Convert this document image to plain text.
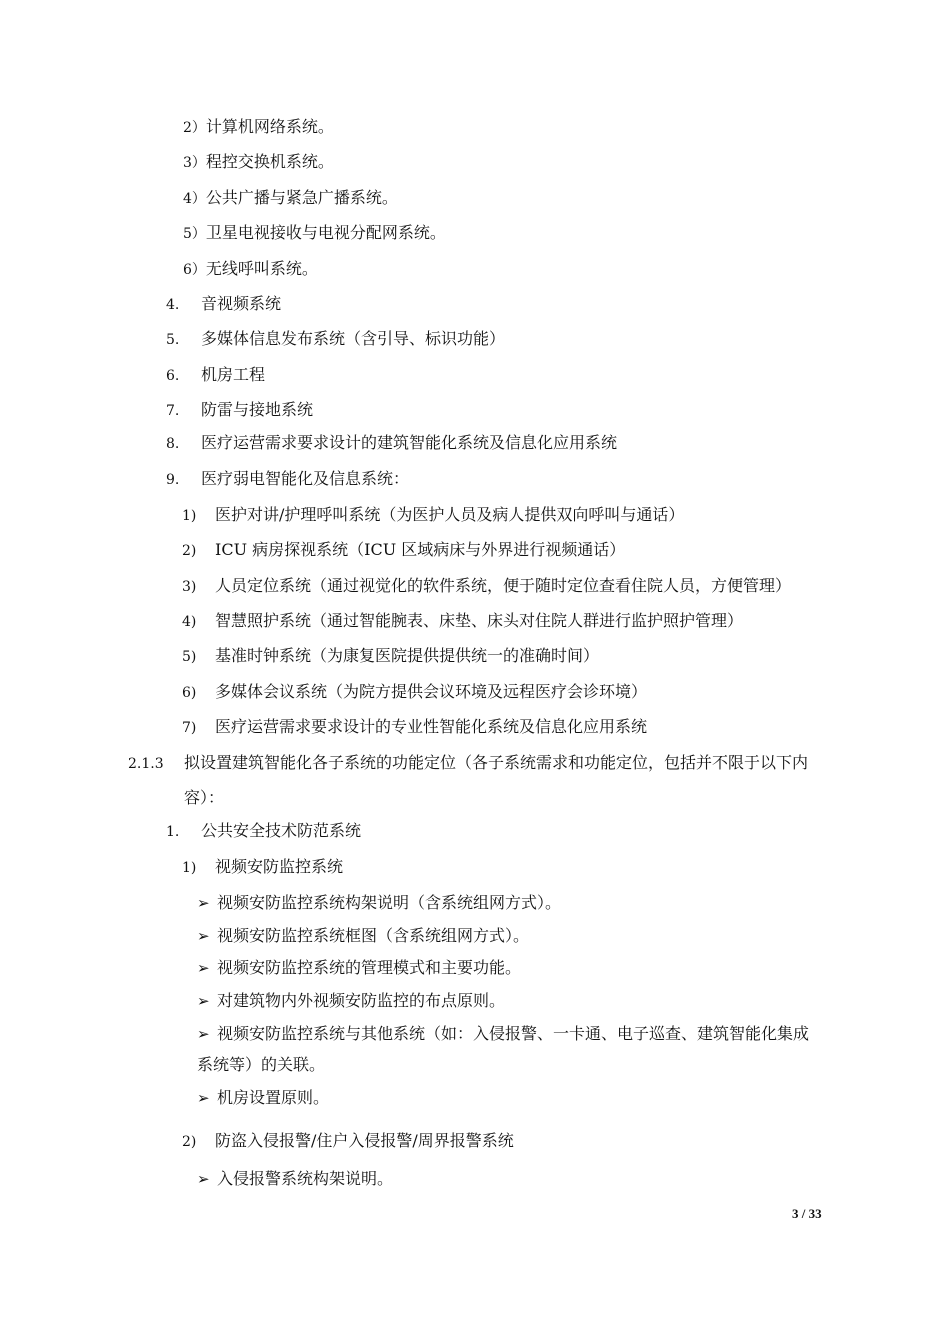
2）计算机网络系统。
3）程控交换机系统。
4）公共广播与紧急广播系统。
5）卫星电视接收与电视分配网系统。
6）无线呼叫系统。
4. 音视频系统
5. 多媒体信息发布系统（含引导、标识功能）
6. 机房工程
7. 防雷与接地系统
8. 医疗运营需求要求设计的建筑智能化系统及信息化应用系统
9. 医疗弱电智能化及信息系统：
1) 医护对讲/护理呼叫系统（为医护人员及病人提供双向呼叫与通话）
2) ICU 病房探视系统（ICU 区域病床与外界进行视频通话）
3) 人员定位系统（通过视觉化的软件系统，便于随时定位查看住院人员，方便管理）
4) 智慧照护系统（通过智能腕表、床垫、床头对住院人群进行监护照护管理）
5) 基准时钟系统（为康复医院提供提供统一的准确时间）
6) 多媒体会议系统（为院方提供会议环境及远程医疗会诊环境）
7) 医疗运营需求要求设计的专业性智能化系统及信息化应用系统
2.1.3 拟设置建筑智能化各子系统的功能定位（各子系统需求和功能定位，包括并不限于以下内
容）：
1. 公共安全技术防范系统
1) 视频安防监控系统
➢ 视频安防监控系统构架说明（含系统组网方式）。
➢ 视频安防监控系统框图（含系统组网方式）。
➢ 视频安防监控系统的管理模式和主要功能。
➢ 对建筑物内外视频安防监控的布点原则。
➢ 视频安防监控系统与其他系统（如：入侵报警、一卡通、电子巡查、建筑智能化集成
系统等）的关联。
➢ 机房设置原则。
2) 防盗入侵报警/住户入侵报警/周界报警系统
➢ 入侵报警系统构架说明。
3 / 33
